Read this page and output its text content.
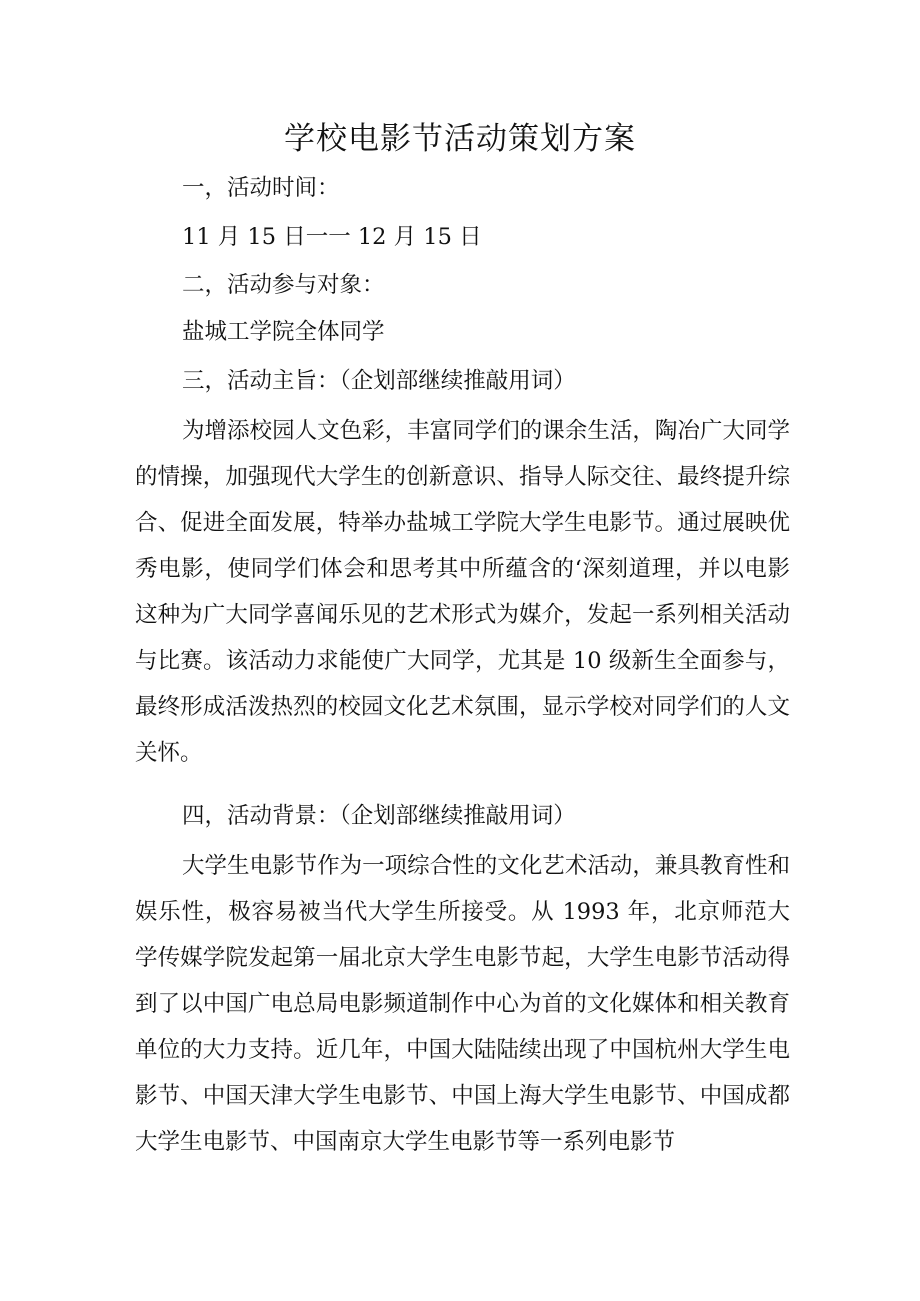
学校电影节活动策划方案
一，活动时间：
11 月 15 日一一 12 月 15 日
二，活动参与对象：
盐城工学院全体同学
三，活动主旨：（企划部继续推敲用词）

为增添校园人文色彩，丰富同学们的课余生活，陶冶广大同学的情操，加强现代大学生的创新意识、指导人际交往、最终提升综合、促进全面发展，特举办盐城工学院大学生电影节。通过展映优秀电影，使同学们体会和思考其中所蕴含的‘深刻道理，并以电影这种为广大同学喜闻乐见的艺术形式为媒介，发起一系列相关活动与比赛。该活动力求能使广大同学，尤其是 10 级新生全面参与，最终形成活泼热烈的校园文化艺术氛围，显示学校对同学们的人文关怀。

四，活动背景：（企划部继续推敲用词）

大学生电影节作为一项综合性的文化艺术活动，兼具教育性和娱乐性，极容易被当代大学生所接受。从 1993 年，北京师范大学传媒学院发起第一届北京大学生电影节起，大学生电影节活动得到了以中国广电总局电影频道制作中心为首的文化媒体和相关教育单位的大力支持。近几年，中国大陆陆续出现了中国杭州大学生电影节、中国天津大学生电影节、中国上海大学生电影节、中国成都大学生电影节、中国南京大学生电影节等一系列电影节
